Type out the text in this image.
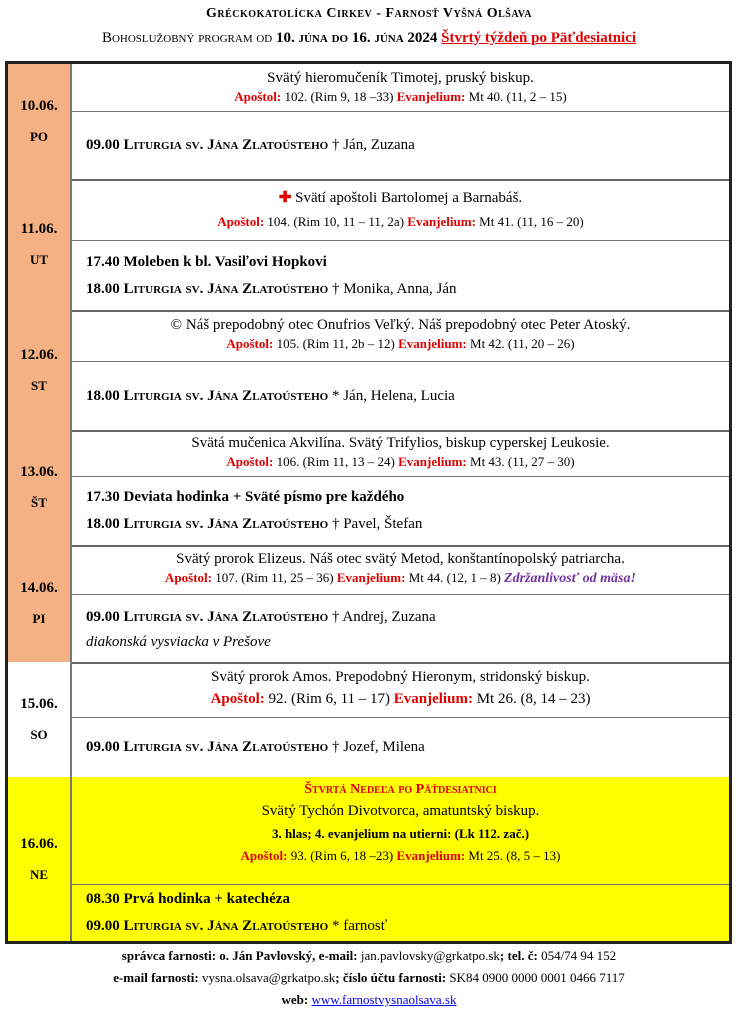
Gréckokatolícka Cirkev - Farnosť Vyšná Olšava
Bohoslužobný program od 10. júna do 16. júna 2024 Štvrtý týždeň po Päťdesiatnici
10.06.
PO
Svätý hieromučeník Timotej, pruský biskup.
Apoštol: 102. (Rim 9, 18 –33) Evanjelium: Mt 40. (11, 2 – 15)
09.00 Liturgia sv. Jána Zlatoústeho † Ján, Zuzana
11.06.
UT
✚ Svätí apoštoli Bartolomej a Barnabáš.
Apoštol: 104. (Rim 10, 11 – 11, 2a) Evanjelium: Mt 41. (11, 16 – 20)
17.40 Moleben k bl. Vasiľovi Hopkovi
18.00 Liturgia sv. Jána Zlatoústeho † Monika, Anna, Ján
12.06.
ST
© Náš prepodobný otec Onufrios Veľký. Náš prepodobný otec Peter Atoský.
Apoštol: 105. (Rim 11, 2b – 12) Evanjelium: Mt 42. (11, 20 – 26)
18.00 Liturgia sv. Jána Zlatoústeho * Ján, Helena, Lucia
13.06.
ŠT
Svätá mučenica Akvilína. Svätý Trifylios, biskup cyperskej Leukosie.
Apoštol: 106. (Rim 11, 13 – 24) Evanjelium: Mt 43. (11, 27 – 30)
17.30 Deviata hodinka + Sväté písmo pre každého
18.00 Liturgia sv. Jána Zlatoústeho † Pavel, Štefan
14.06.
PI
Svätý prorok Elizeus. Náš otec svätý Metod, konštantínopolský patriarcha.
Apoštol: 107. (Rim 11, 25 – 36) Evanjelium: Mt 44. (12, 1 – 8) Zdržanlivosť od mäsa!
09.00 Liturgia sv. Jána Zlatoústeho † Andrej, Zuzana
diakonská vysviacka v Prešove
15.06.
SO
Svätý prorok Amos. Prepodobný Hieronym, stridonský biskup.
Apoštol: 92. (Rim 6, 11 – 17) Evanjelium: Mt 26. (8, 14 – 23)
09.00 Liturgia sv. Jána Zlatoústeho † Jozef, Milena
16.06.
NE
Štvrtá Nedeľa po Päťdesiatnici
Svätý Tychón Divotvorca, amatuntský biskup.
3. hlas; 4. evanjelium na utierni: (Lk 112. zač.)
Apoštol: 93. (Rim 6, 18 –23) Evanjelium: Mt 25. (8, 5 – 13)
08.30 Prvá hodinka + katechéza
09.00 Liturgia sv. Jána Zlatoústeho * farnosť
správca farnosti: o. Ján Pavlovský, e-mail: jan.pavlovsky@grkatpo.sk; tel. č: 054/74 94 152
e-mail farnosti: vysna.olsava@grkatpo.sk; číslo účtu farnosti: SK84 0900 0000 0001 0466 7117
web: www.farnostvysnaolsava.sk
